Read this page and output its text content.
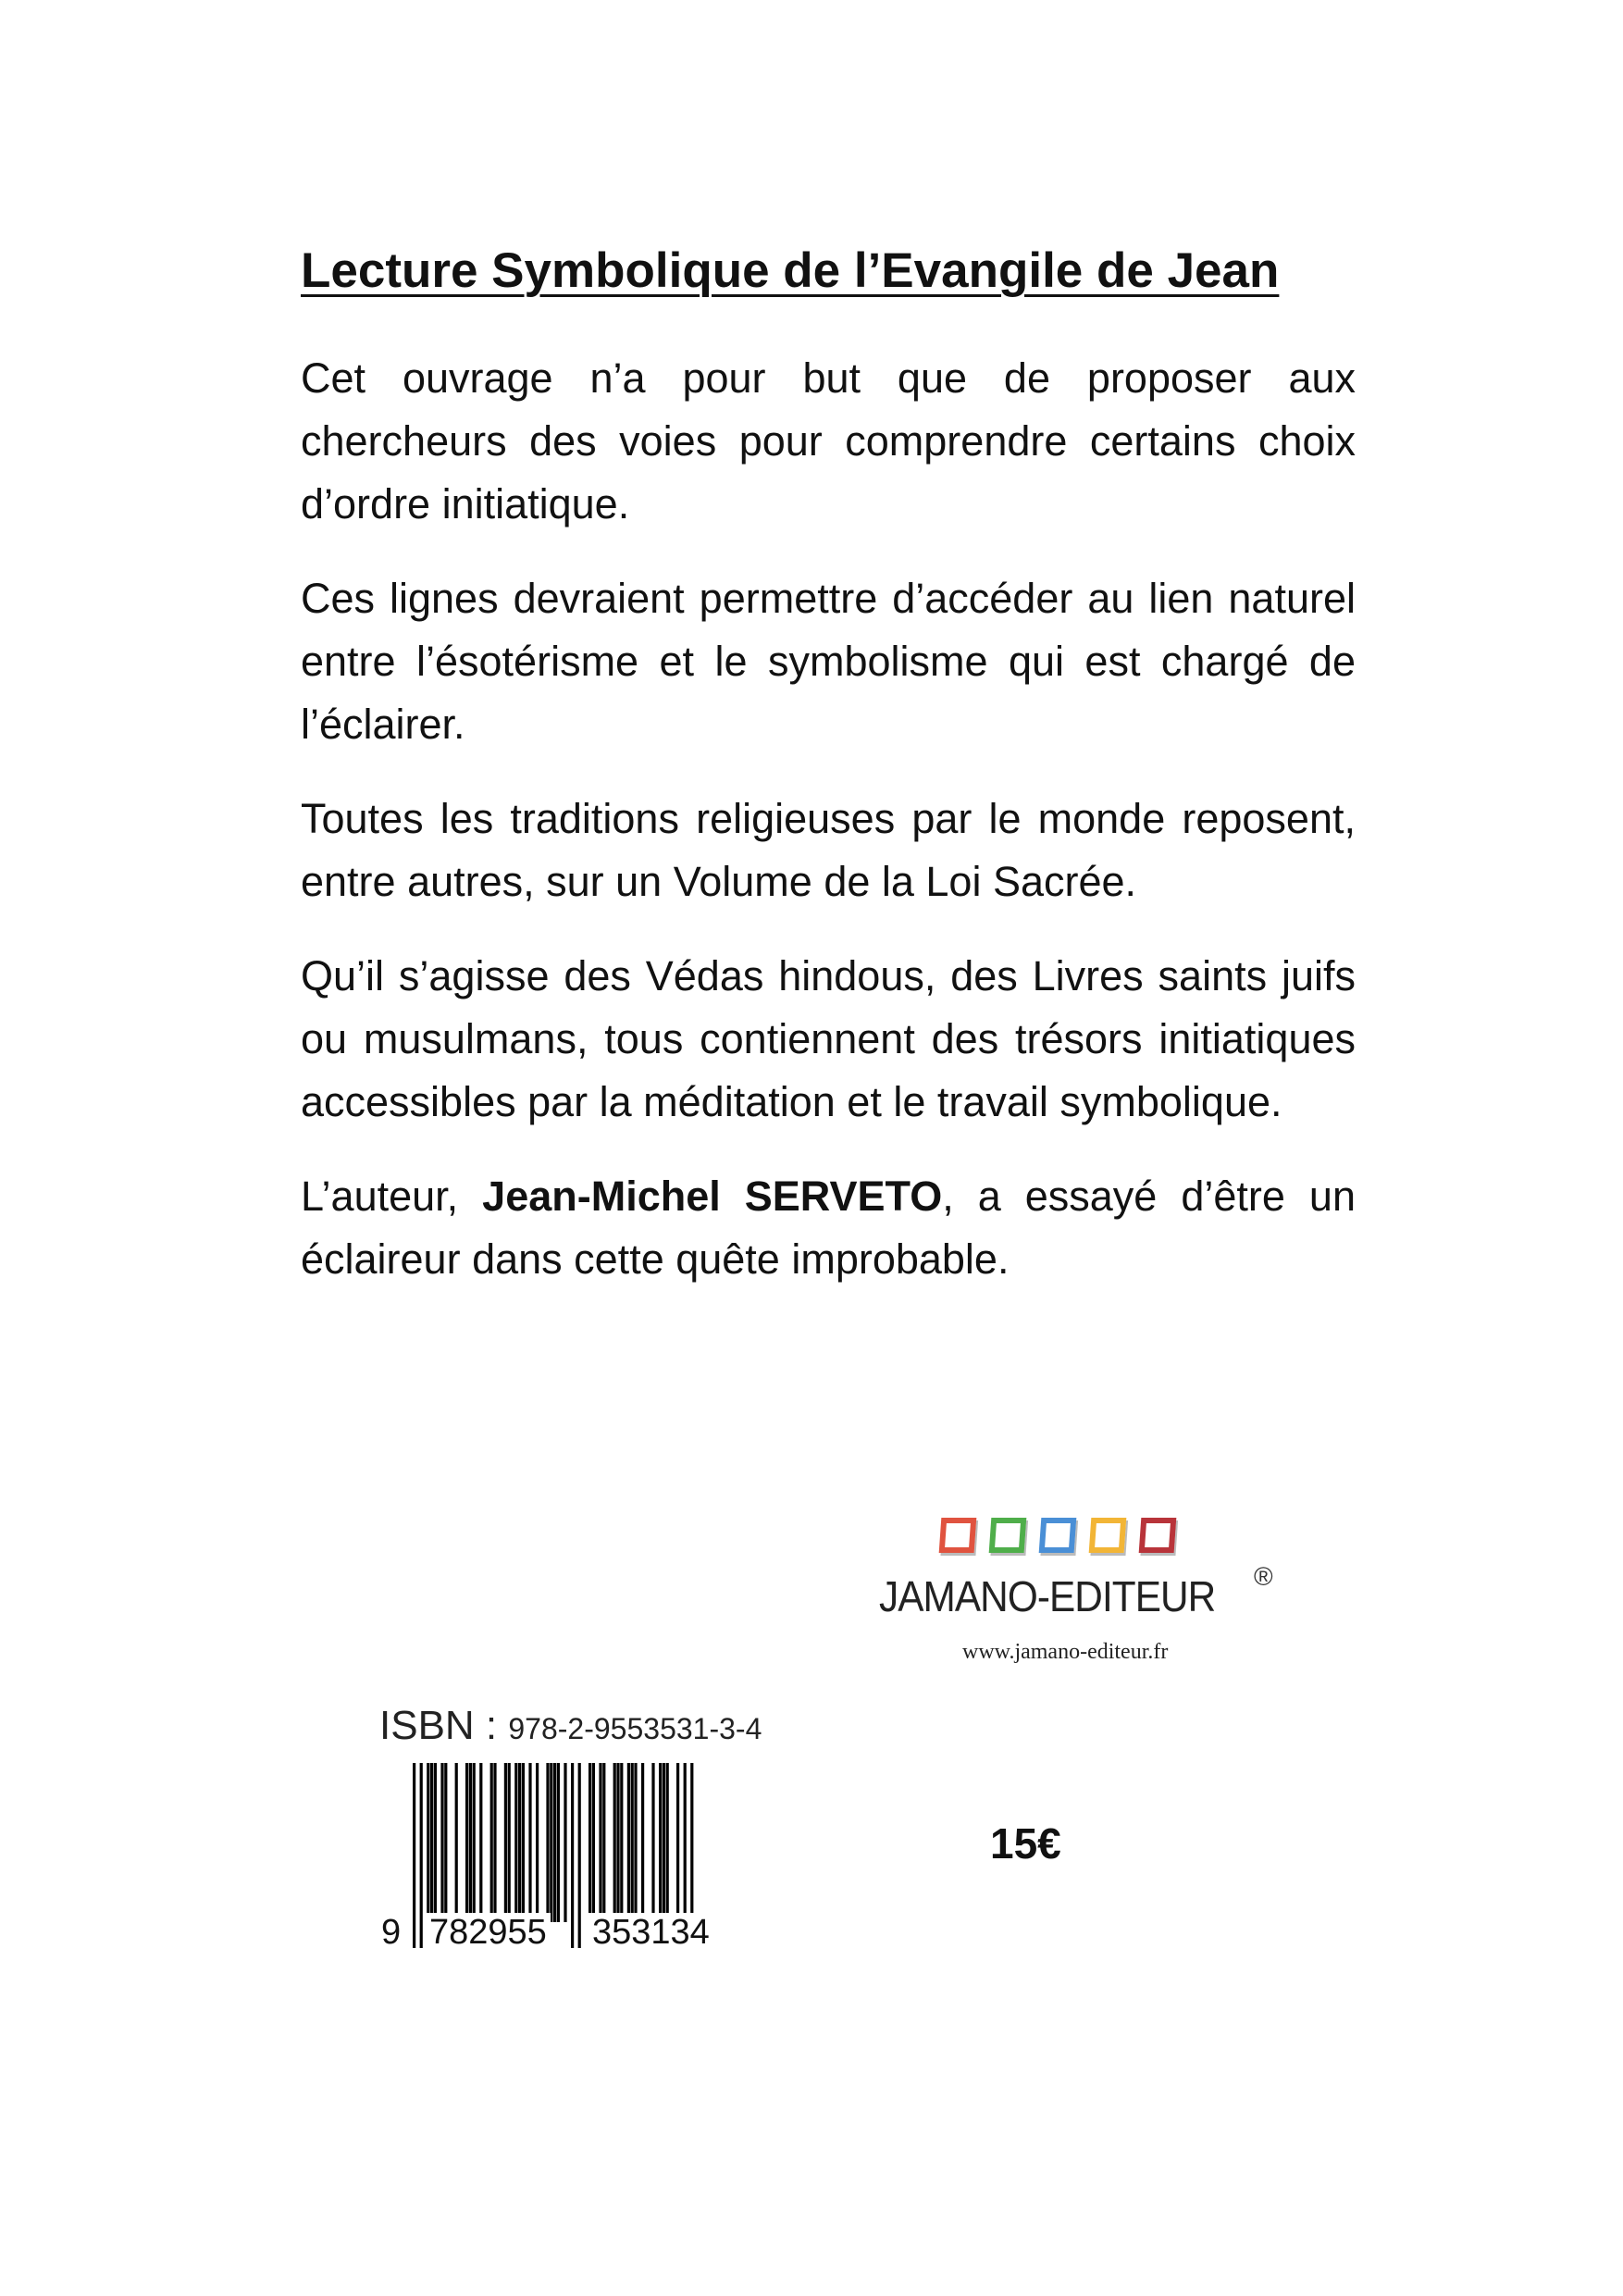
Lecture Symbolique de l’Evangile de Jean

Cet ouvrage n’a pour but que de proposer aux chercheurs des voies pour comprendre certains choix d’ordre initiatique.

Ces lignes devraient permettre d’accéder au lien naturel entre l’ésotérisme et le symbolisme qui est chargé de l’éclairer.

Toutes les traditions religieuses par le monde reposent, entre autres, sur un Volume de la Loi Sacrée.

Qu’il s’agisse des Védas hindous, des Livres saints juifs ou musulmans, tous contiennent des trésors initiatiques accessibles par la méditation et le travail symbolique.

L’auteur, Jean-Michel SERVETO, a essayé d’être un éclaireur dans cette quête improbable.

JAMANO-EDITEUR ®
www.jamano-editeur.fr
ISBN : 978-2-9553531-3-4
9 782955 353134
15€
